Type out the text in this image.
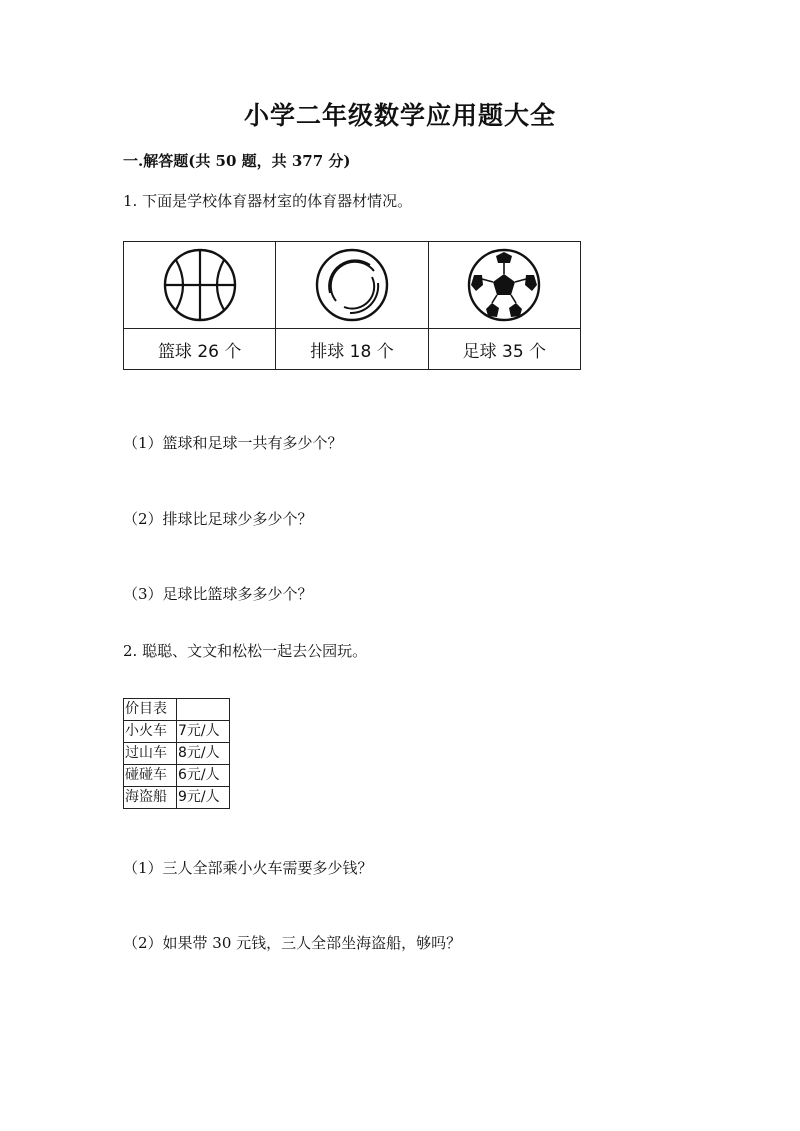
小学二年级数学应用题大全
一.解答题(共 50 题，共 377 分)
1. 下面是学校体育器材室的体育器材情况。

篮球 26 个	排球 18 个	足球 35 个
（1）篮球和足球一共有多少个？
（2）排球比足球少多少个？
（3）足球比篮球多多少个？
2. 聪聪、文文和松松一起去公园玩。
价目表	
小火车	7元/人
过山车	8元/人
碰碰车	6元/人
海盗船	9元/人
（1）三人全部乘小火车需要多少钱？
（2）如果带 30 元钱，三人全部坐海盗船，够吗？
